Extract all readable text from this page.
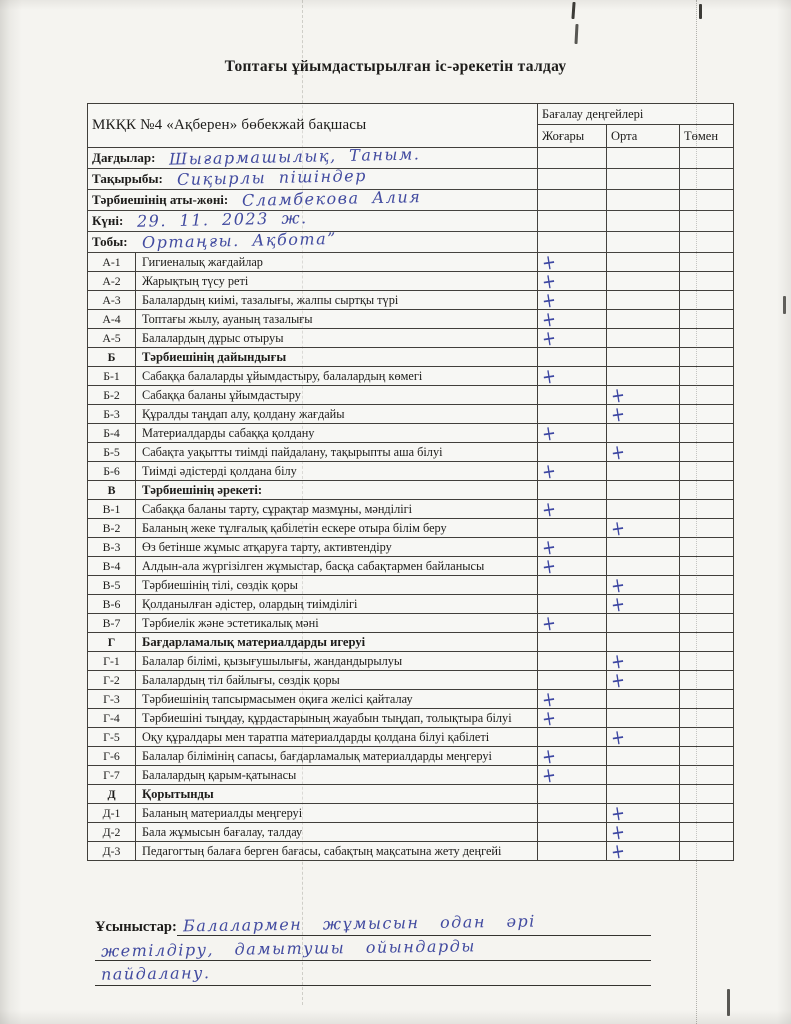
Топтағы ұйымдастырылған іс-әрекетін талдау
МКҚК №4 «Ақберен» бөбекжай бақшасы		Бағалау деңгейлері		
		Жоғары	Орта	Төмен
Дағдылар: Шығармашылық, Таным.				
Тақырыбы: Сиқырлы пішіндер				
Тәрбиешінің аты-жөні: Сламбекова Алия				
Күні: 29. 11. 2023 ж.				
Тобы: Ортаңғы. Ақбота”				
А-1	Гигиеналық жағдайлар	+		
А-2	Жарықтың түсу реті	+		
А-3	Балалардың киімі, тазалығы, жалпы сыртқы түрі	+		
А-4	Топтағы жылу, ауаның тазалығы	+		
А-5	Балалардың дұрыс отыруы	+		
Б	Тәрбиешінің дайындығы			
Б-1	Сабаққа балаларды ұйымдастыру, балалардың көмегі	+		
Б-2	Сабаққа баланы ұйымдастыру		+	
Б-3	Құралды таңдап алу, қолдану жағдайы		+	
Б-4	Материалдарды сабаққа қолдану	+		
Б-5	Сабақта уақытты тиімді пайдалану, тақырыпты аша білуі		+	
Б-6	Тиімді әдістерді қолдана білу	+		
В	Тәрбиешінің әрекеті:			
В-1	Сабаққа баланы тарту, сұрақтар мазмұны, мәнділігі	+		
В-2	Баланың жеке тұлғалық қабілетін ескере отыра білім беру		+	
В-3	Өз бетінше жұмыс атқаруға тарту, активтендіру	+		
В-4	Алдын-ала жүргізілген жұмыстар, басқа сабақтармен байланысы	+		
В-5	Тәрбиешінің тілі, сөздік қоры		+	
В-6	Қолданылған әдістер, олардың тиімділігі		+	
В-7	Тәрбиелік және эстетикалық мәні	+		
Г	Бағдарламалық материалдарды игеруі			
Г-1	Балалар білімі, қызығушылығы, жандандырылуы		+	
Г-2	Балалардың тіл байлығы, сөздік қоры		+	
Г-3	Тәрбиешінің тапсырмасымен оқиға желісі қайталау	+		
Г-4	Тәрбиешіні тыңдау, құрдастарының жауабын тыңдап, толықтыра білуі	+		
Г-5	Оқу құралдары мен таратпа материалдарды қолдана білуі қабілеті		+	
Г-6	Балалар білімінің сапасы, бағдарламалық материалдарды меңгеруі	+		
Г-7	Балалардың қарым-қатынасы	+		
Д	Қорытынды			
Д-1	Баланың материалды меңгеруі		+	
Д-2	Бала жұмысын бағалау, талдау		+	
Д-3	Педагогтың балаға берген бағасы, сабақтың мақсатына жету деңгейі		+	
Ұсыныстар: Балалармен жұмысын одан әрі
жетілдіру, дамытушы ойындарды
пайдалану.
